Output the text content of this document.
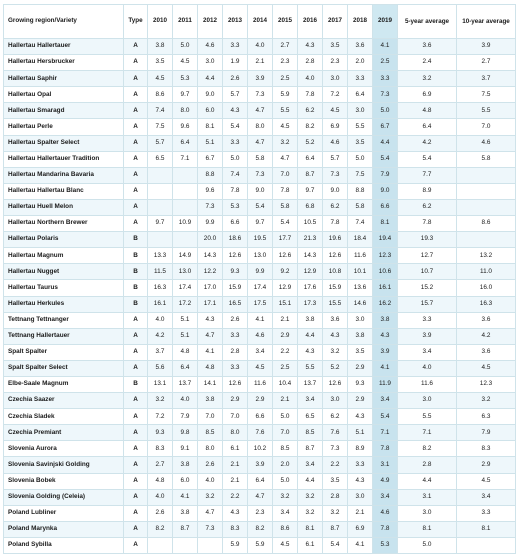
Growing region/Variety	Type	2010	2011	2012	2013	2014	2015	2016	2017	2018	2019	5-year average	10-year average
Hallertau Hallertauer	A	3.8	5.0	4.6	3.3	4.0	2.7	4.3	3.5	3.6	4.1	3.6	3.9
Hallertau Hersbrucker	A	3.5	4.5	3.0	1.9	2.1	2.3	2.8	2.3	2.0	2.5	2.4	2.7
Hallertau Saphir	A	4.5	5.3	4.4	2.6	3.9	2.5	4.0	3.0	3.3	3.3	3.2	3.7
Hallertau Opal	A	8.6	9.7	9.0	5.7	7.3	5.9	7.8	7.2	6.4	7.3	6.9	7.5
Hallertau Smaragd	A	7.4	8.0	6.0	4.3	4.7	5.5	6.2	4.5	3.0	5.0	4.8	5.5
Hallertau Perle	A	7.5	9.6	8.1	5.4	8.0	4.5	8.2	6.9	5.5	6.7	6.4	7.0
Hallertau Spalter Select	A	5.7	6.4	5.1	3.3	4.7	3.2	5.2	4.6	3.5	4.4	4.2	4.6
Hallertau Hallertauer Tradition	A	6.5	7.1	6.7	5.0	5.8	4.7	6.4	5.7	5.0	5.4	5.4	5.8
Hallertau Mandarina Bavaria	A			8.8	7.4	7.3	7.0	8.7	7.3	7.5	7.9	7.7	
Hallertau Hallertau Blanc	A			9.6	7.8	9.0	7.8	9.7	9.0	8.8	9.0	8.9	
Hallertau Huell Melon	A			7.3	5.3	5.4	5.8	6.8	6.2	5.8	6.6	6.2	
Hallertau Northern Brewer	A	9.7	10.9	9.9	6.6	9.7	5.4	10.5	7.8	7.4	8.1	7.8	8.6
Hallertau Polaris	B			20.0	18.6	19.5	17.7	21.3	19.6	18.4	19.4	19.3	
Hallertau Magnum	B	13.3	14.9	14.3	12.6	13.0	12.6	14.3	12.6	11.6	12.3	12.7	13.2
Hallertau Nugget	B	11.5	13.0	12.2	9.3	9.9	9.2	12.9	10.8	10.1	10.6	10.7	11.0
Hallertau Taurus	B	16.3	17.4	17.0	15.9	17.4	12.9	17.6	15.9	13.6	16.1	15.2	16.0
Hallertau Herkules	B	16.1	17.2	17.1	16.5	17.5	15.1	17.3	15.5	14.6	16.2	15.7	16.3
Tettnang Tettnanger	A	4.0	5.1	4.3	2.6	4.1	2.1	3.8	3.6	3.0	3.8	3.3	3.6
Tettnang Hallertauer	A	4.2	5.1	4.7	3.3	4.6	2.9	4.4	4.3	3.8	4.3	3.9	4.2
Spalt Spalter	A	3.7	4.8	4.1	2.8	3.4	2.2	4.3	3.2	3.5	3.9	3.4	3.6
Spalt Spalter Select	A	5.6	6.4	4.8	3.3	4.5	2.5	5.5	5.2	2.9	4.1	4.0	4.5
Elbe-Saale Magnum	B	13.1	13.7	14.1	12.6	11.6	10.4	13.7	12.6	9.3	11.9	11.6	12.3
Czechia Saazer	A	3.2	4.0	3.8	2.9	2.9	2.1	3.4	3.0	2.9	3.4	3.0	3.2
Czechia Sladek	A	7.2	7.9	7.0	7.0	6.6	5.0	6.5	6.2	4.3	5.4	5.5	6.3
Czechia Premiant	A	9.3	9.8	8.5	8.0	7.6	7.0	8.5	7.6	5.1	7.1	7.1	7.9
Slovenia Aurora	A	8.3	9.1	8.0	6.1	10.2	8.5	8.7	7.3	8.9	7.8	8.2	8.3
Slovenia Savinjski Golding	A	2.7	3.8	2.6	2.1	3.9	2.0	3.4	2.2	3.3	3.1	2.8	2.9
Slovenia Bobek	A	4.8	6.0	4.0	2.1	6.4	5.0	4.4	3.5	4.3	4.9	4.4	4.5
Slovenia Golding (Celeia)	A	4.0	4.1	3.2	2.2	4.7	3.2	3.2	2.8	3.0	3.4	3.1	3.4
Poland Lubliner	A	2.6	3.8	4.7	4.3	2.3	3.4	3.2	3.2	2.1	4.6	3.0	3.3
Poland Marynka	A	8.2	8.7	7.3	8.3	8.2	8.6	8.1	8.7	6.9	7.8	8.1	8.1
Poland Sybilla	A				5.9	5.9	4.5	6.1	5.4	4.1	5.3	5.0	
